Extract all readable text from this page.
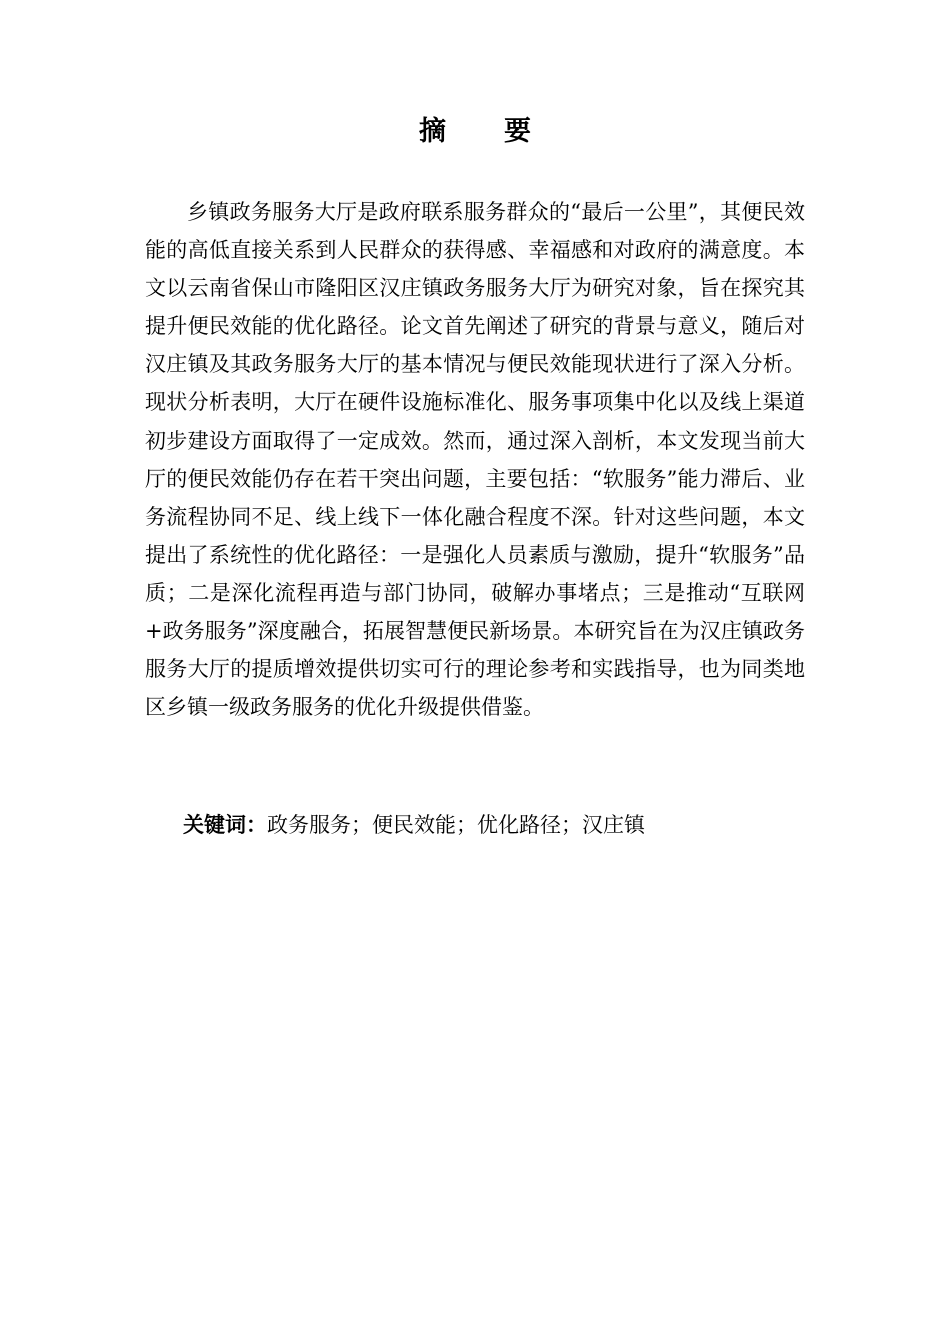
摘 要

乡镇政务服务大厅是政府联系服务群众的“最后一公里”，其便民效能的高低直接关系到人民群众的获得感、幸福感和对政府的满意度。本文以云南省保山市隆阳区汉庄镇政务服务大厅为研究对象，旨在探究其提升便民效能的优化路径。论文首先阐述了研究的背景与意义，随后对汉庄镇及其政务服务大厅的基本情况与便民效能现状进行了深入分析。现状分析表明，大厅在硬件设施标准化、服务事项集中化以及线上渠道初步建设方面取得了一定成效。然而，通过深入剖析，本文发现当前大厅的便民效能仍存在若干突出问题，主要包括：“软服务”能力滞后、业务流程协同不足、线上线下一体化融合程度不深。针对这些问题，本文提出了系统性的优化路径：一是强化人员素质与激励，提升“软服务”品质；二是深化流程再造与部门协同，破解办事堵点；三是推动“互联网+政务服务”深度融合，拓展智慧便民新场景。本研究旨在为汉庄镇政务服务大厅的提质增效提供切实可行的理论参考和实践指导，也为同类地区乡镇一级政务服务的优化升级提供借鉴。

关键词：政务服务；便民效能；优化路径；汉庄镇
